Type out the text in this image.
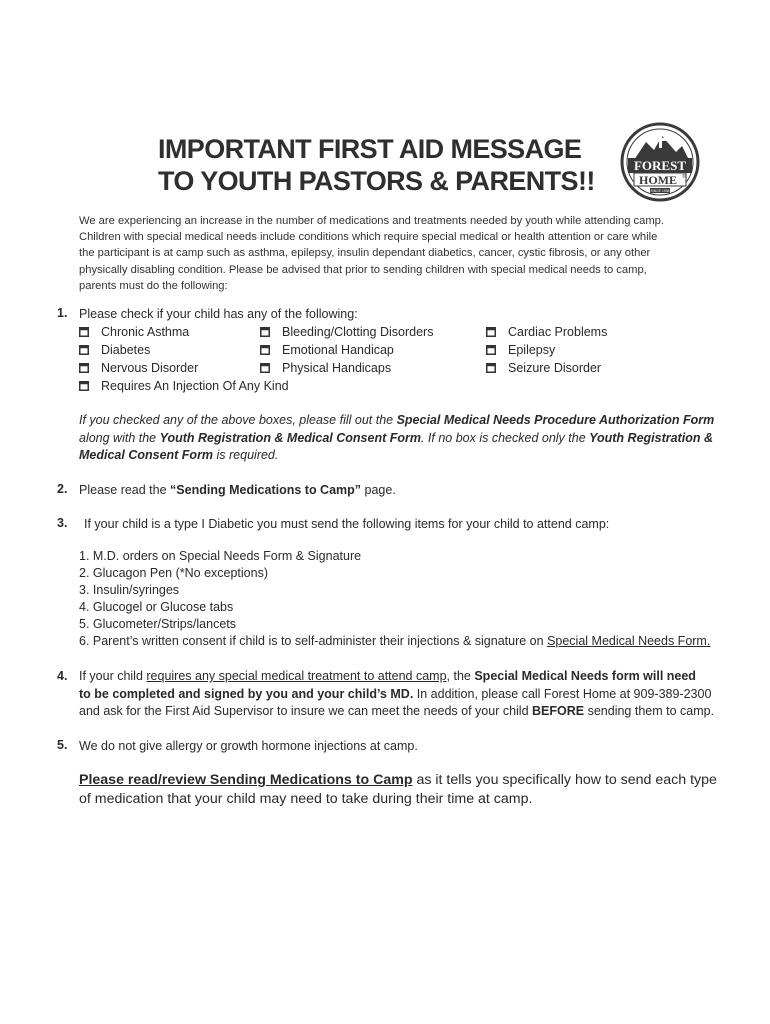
IMPORTANT FIRST AID MESSAGE
TO YOUTH PASTORS & PARENTS!!
FOREST
HOME ®
SINCE 1938

We are experiencing an increase in the number of medications and treatments needed by youth while attending camp.
Children with special medical needs include conditions which require special medical or health attention or care while
the participant is at camp such as asthma, epilepsy, insulin dependant diabetics, cancer, cystic fibrosis, or any other
physically disabling condition. Please be advised that prior to sending children with special medical needs to camp,
parents must do the following:

1. Please check if your child has any of the following:
Chronic Asthma	Bleeding/Clotting Disorders	Cardiac Problems
Diabetes	Emotional Handicap	Epilepsy
Nervous Disorder	Physical Handicaps	Seizure Disorder
Requires An Injection Of Any Kind
If you checked any of the above boxes, please fill out the Special Medical Needs Procedure Authorization Form
along with the Youth Registration & Medical Consent Form. If no box is checked only the Youth Registration &
Medical Consent Form is required.
2. Please read the “Sending Medications to Camp” page.
3. If your child is a type I Diabetic you must send the following items for your child to attend camp:
1. M.D. orders on Special Needs Form & Signature
2. Glucagon Pen (*No exceptions)
3. Insulin/syringes
4. Glucogel or Glucose tabs
5. Glucometer/Strips/lancets
6. Parent’s written consent if child is to self-administer their injections & signature on Special Medical Needs Form.
4. If your child requires any special medical treatment to attend camp, the Special Medical Needs form will need
to be completed and signed by you and your child’s MD. In addition, please call Forest Home at 909-389-2300
and ask for the First Aid Supervisor to insure we can meet the needs of your child BEFORE sending them to camp.
5. We do not give allergy or growth hormone injections at camp.
Please read/review Sending Medications to Camp as it tells you specifically how to send each type
of medication that your child may need to take during their time at camp.
